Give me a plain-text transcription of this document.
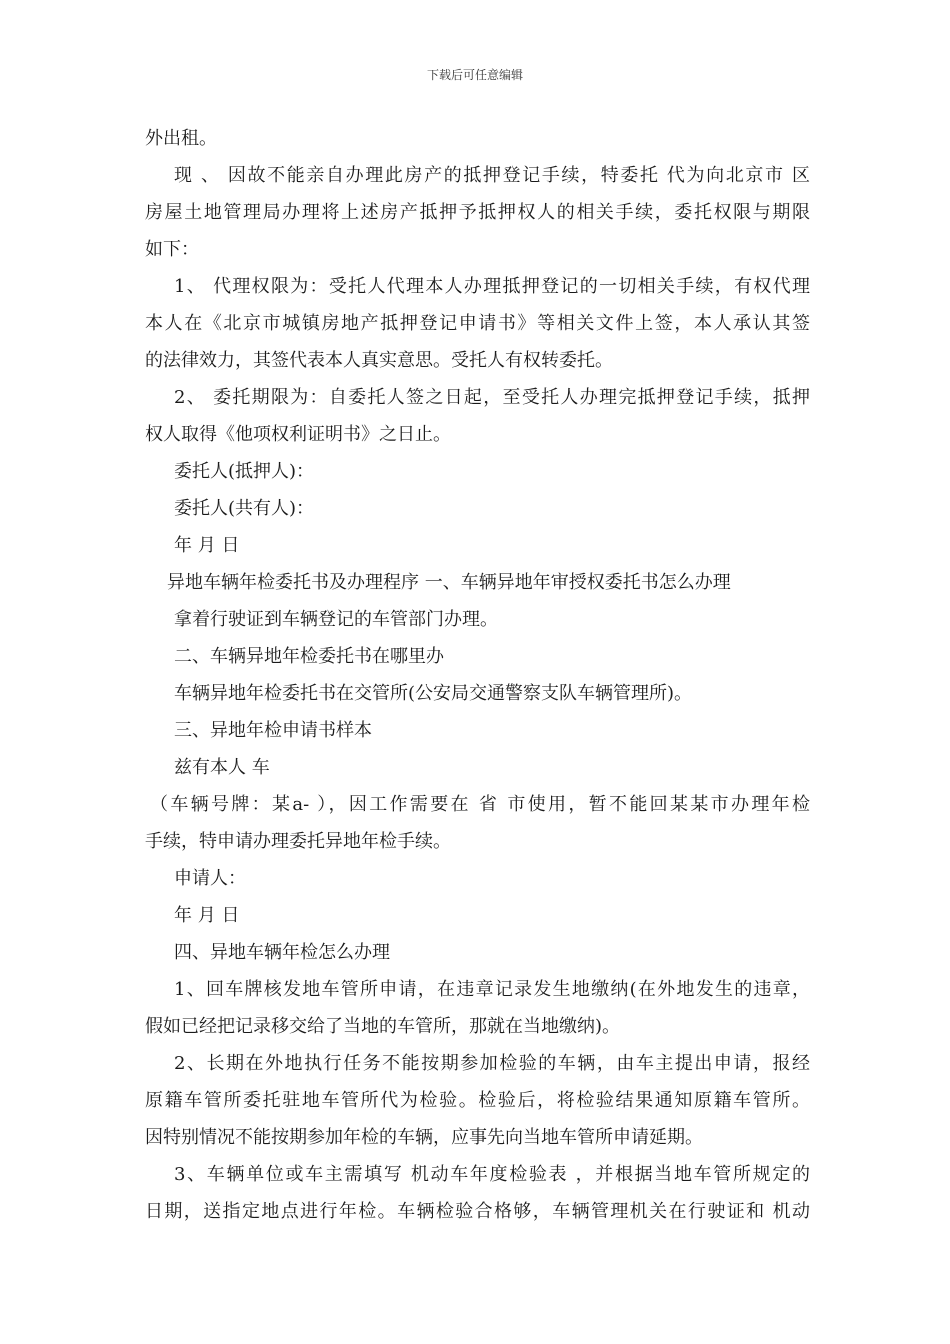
下载后可任意编辑
外出租。
现 、 因故不能亲自办理此房产的抵押登记手续，特委托 代为向北京市 区
房屋土地管理局办理将上述房产抵押予抵押权人的相关手续，委托权限与期限
如下：
1、 代理权限为：受托人代理本人办理抵押登记的一切相关手续，有权代理
本人在《北京市城镇房地产抵押登记申请书》等相关文件上签，本人承认其签
的法律效力，其签代表本人真实意思。受托人有权转委托。
2、 委托期限为：自委托人签之日起，至受托人办理完抵押登记手续，抵押
权人取得《他项权利证明书》之日止。
委托人(抵押人)：
委托人(共有人)：
年 月 日
异地车辆年检委托书及办理程序 一、车辆异地年审授权委托书怎么办理
拿着行驶证到车辆登记的车管部门办理。
二、车辆异地年检委托书在哪里办
车辆异地年检委托书在交管所(公安局交通警察支队车辆管理所)。
三、异地年检申请书样本
兹有本人 车
（车辆号牌：某a- ），因工作需要在 省 市使用，暂不能回某某市办理年检
手续，特申请办理委托异地年检手续。
申请人：
年 月 日
四、异地车辆年检怎么办理
1、回车牌核发地车管所申请，在违章记录发生地缴纳(在外地发生的违章，
假如已经把记录移交给了当地的车管所，那就在当地缴纳)。
2、长期在外地执行任务不能按期参加检验的车辆，由车主提出申请，报经
原籍车管所委托驻地车管所代为检验。检验后，将检验结果通知原籍车管所。
因特别情况不能按期参加年检的车辆，应事先向当地车管所申请延期。
3、车辆单位或车主需填写 机动车年度检验表 ，并根据当地车管所规定的
日期，送指定地点进行年检。车辆检验合格够，车辆管理机关在行驶证和 机动
